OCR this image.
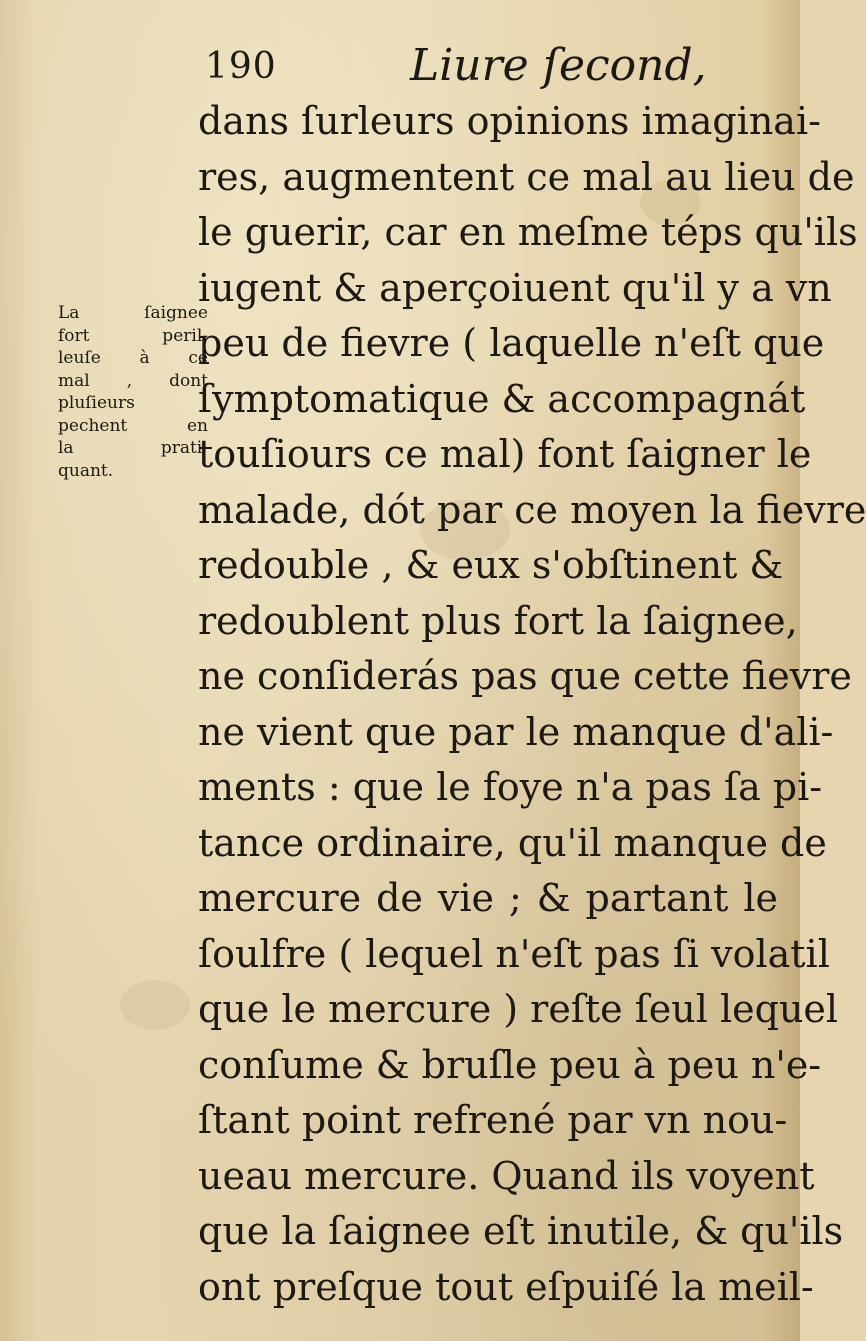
190	Liure ſecond,
La ſaignee
fort peril-
leuſe à ce
mal , dont
pluſieurs
pechent en
la prati-
quant.
dans ſurleurs opinions imaginai-
res, augmentent ce mal au lieu de
le guerir, car en meſme téps qu'ils
iugent & aperçoiuent qu'il y a vn
peu de fievre ( laquelle n'eſt que
ſymptomatique & accompagnát
touſiours ce mal) font ſaigner le
malade, dót par ce moyen la fievre
redouble , & eux s'obſtinent &
redoublent plus fort la ſaignee,
ne conſiderás pas que cette fievre
ne vient que par le manque d'ali-
ments : que le foye n'a pas ſa pi-
tance ordinaire, qu'il manque de
mercure de vie ; & partant le
ſoulfre ( lequel n'eſt pas ſi volatil
que le mercure ) reſte ſeul lequel
conſume & bruſle peu à peu n'e-
ſtant point refrené par vn nou-
ueau mercure. Quand ils voyent
que la ſaignee eſt inutile, & qu'ils
ont preſque tout eſpuiſé la meil-
